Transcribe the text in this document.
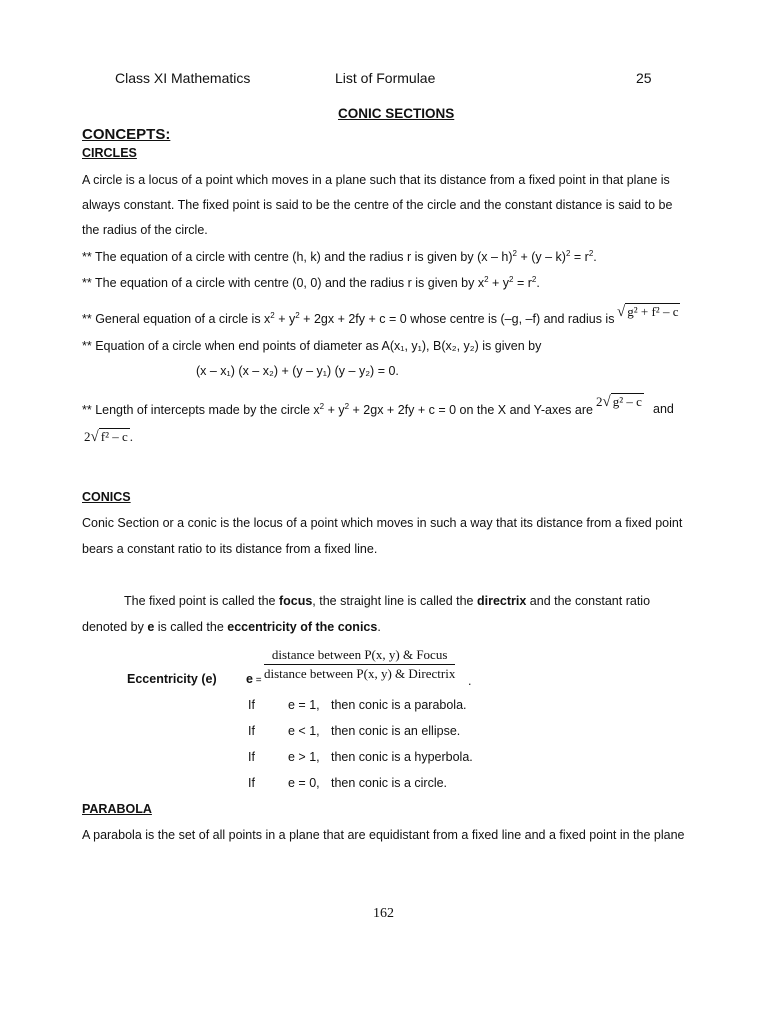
Class XI Mathematics	List of Formulae	25
CONIC SECTIONS
CONCEPTS:
CIRCLES
A circle is a locus of a point which moves in a plane such that its distance from a fixed point in that plane is
always constant. The fixed point is said to be the centre of the circle and the constant distance is said to be
the radius of the circle.
** The equation of a circle with centre (h, k) and the radius r is given by $(x - h)^2 + (y - k)^2 = r^2$.
** The equation of a circle with centre (0, 0) and the radius r is given by $x^2 + y^2 = r^2$.
** General equation of a circle is $x^2 + y^2 + 2gx + 2fy + c = 0$ whose centre is (–g, –f) and radius is √ g² + f² – c
** Equation of a circle when end points of diameter as A(x₁, y₁), B(x₂, y₂) is given by
(x – x₁) (x – x₂) + (y – y₁) (y – y₂) = 0.
** Length of intercepts made by the circle $x^2 + y^2 + 2gx + 2fy + c = 0$ on the X and Y-axes are
2√ g² – c and
2√ f² – c .
CONICS
Conic Section or a conic is the locus of a point which moves in such a way that its distance from a fixed point
bears a constant ratio to its distance from a fixed line.
The fixed point is called the focus, the straight line is called the directrix and the constant ratio
denoted by e is called the eccentricity of the conics.
Eccentricity (e) e =
distance between P(x, y) & Focus
distance between P(x, y) & Directrix .
If	e = 1, then conic is a parabola.
If	e < 1, then conic is an ellipse.
If	e > 1, then conic is a hyperbola.
If	e = 0, then conic is a circle.
PARABOLA
A parabola is the set of all points in a plane that are equidistant from a fixed line and a fixed point in the plane
162
